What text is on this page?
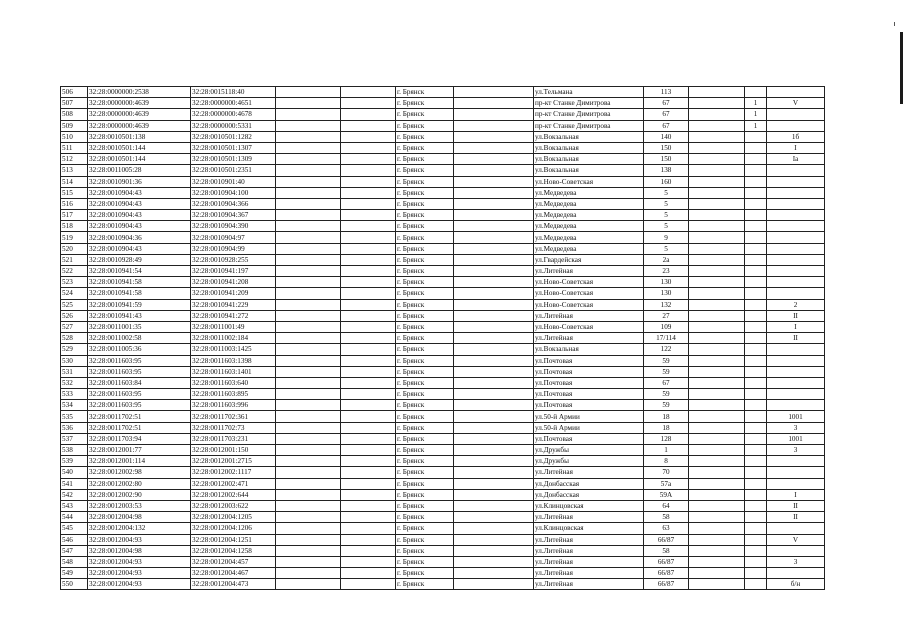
506	32:28:0000000:2538	32:28:0015118:40			г. Брянск		ул.Тельмана	113			
507	32:28:0000000:4639	32:28:0000000:4651			г. Брянск		пр-кт Станке Димитрова	67		1	V
508	32:28:0000000:4639	32:28:0000000:4678			г. Брянск		пр-кт Станке Димитрова	67		1	
509	32:28:0000000:4639	32:28:0000000:5331			г. Брянск		пр-кт Станке Димитрова	67		1	
510	32:28:0010501:138	32:28:0010501:1282			г. Брянск		ул.Вокзальная	140			1б
511	32:28:0010501:144	32:28:0010501:1307			г. Брянск		ул.Вокзальная	150			I
512	32:28:0010501:144	32:28:0010501:1309			г. Брянск		ул.Вокзальная	150			Ia
513	32:28:0011005:28	32:28:0010501:2351			г. Брянск		ул.Вокзальная	138			
514	32:28:0010901:36	32:28:0010901:40			г. Брянск		ул.Ново-Советская	160			
515	32:28:0010904:43	32:28:0010904:100			г. Брянск		ул.Медведева	5			
516	32:28:0010904:43	32:28:0010904:366			г. Брянск		ул.Медведева	5			
517	32:28:0010904:43	32:28:0010904:367			г. Брянск		ул.Медведева	5			
518	32:28:0010904:43	32:28:0010904:390			г. Брянск		ул.Медведева	5			
519	32:28:0010904:36	32:28:0010904:97			г. Брянск		ул.Медведева	9			
520	32:28:0010904:43	32:28:0010904:99			г. Брянск		ул.Медведева	5			
521	32:28:0010928:49	32:28:0010928:255			г. Брянск		ул.Гвардейская	2а			
522	32:28:0010941:54	32:28:0010941:197			г. Брянск		ул.Литейная	23			
523	32:28:0010941:58	32:28:0010941:208			г. Брянск		ул.Ново-Советская	130			
524	32:28:0010941:58	32:28:0010941:209			г. Брянск		ул.Ново-Советская	130			
525	32:28:0010941:59	32:28:0010941:229			г. Брянск		ул.Ново-Советская	132			2
526	32:28:0010941:43	32:28:0010941:272			г. Брянск		ул.Литейная	27			II
527	32:28:0011001:35	32:28:0011001:49			г. Брянск		ул.Ново-Советская	109			I
528	32:28:0011002:58	32:28:0011002:184			г. Брянск		ул.Литейная	17/114			II
529	32:28:0011005:36	32:28:0011003:1425			г. Брянск		ул.Вокзальная	122			
530	32:28:0011603:95	32:28:0011603:1398			г. Брянск		ул.Почтовая	59			
531	32:28:0011603:95	32:28:0011603:1401			г. Брянск		ул.Почтовая	59			
532	32:28:0011603:84	32:28:0011603:640			г. Брянск		ул.Почтовая	67			
533	32:28:0011603:95	32:28:0011603:895			г. Брянск		ул.Почтовая	59			
534	32:28:0011603:95	32:28:0011603:996			г. Брянск		ул.Почтовая	59			
535	32:28:0011702:51	32:28:0011702:361			г. Брянск		ул.50-й Армии	18			1001
536	32:28:0011702:51	32:28:0011702:73			г. Брянск		ул.50-й Армии	18			3
537	32:28:0011703:94	32:28:0011703:231			г. Брянск		ул.Почтовая	128			1001
538	32:28:0012001:77	32:28:0012001:150			г. Брянск		ул.Дружбы	1			3
539	32:28:0012001:114	32:28:0012001:2715			г. Брянск		ул.Дружбы	8			
540	32:28:0012002:98	32:28:0012002:1117			г. Брянск		ул.Литейная	70			
541	32:28:0012002:80	32:28:0012002:471			г. Брянск		ул.Донбасская	57а			
542	32:28:0012002:90	32:28:0012002:644			г. Брянск		ул.Донбасская	59А			I
543	32:28:0012003:53	32:28:0012003:622			г. Брянск		ул.Клинцовская	64			II
544	32:28:0012004:98	32:28:0012004:1205			г. Брянск		ул.Литейная	58			II
545	32:28:0012004:132	32:28:0012004:1206			г. Брянск		ул.Клинцовская	63			
546	32:28:0012004:93	32:28:0012004:1251			г. Брянск		ул.Литейная	66/87			V
547	32:28:0012004:98	32:28:0012004:1258			г. Брянск		ул.Литейная	58			
548	32:28:0012004:93	32:28:0012004:457			г. Брянск		ул.Литейная	66/87			3
549	32:28:0012004:93	32:28:0012004:467			г. Брянск		ул.Литейная	66/87			
550	32:28:0012004:93	32:28:0012004:473			г. Брянск		ул.Литейная	66/87			б/н
